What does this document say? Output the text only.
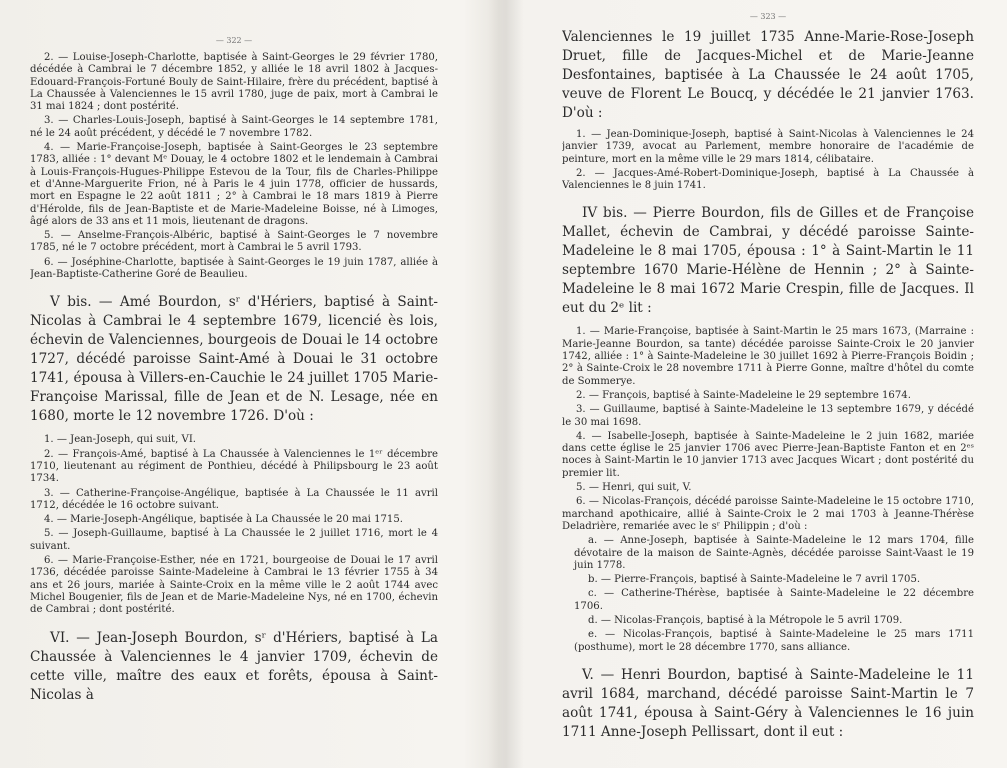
— 322 —

2. — Louise-Joseph-Charlotte, baptisée à Saint-Georges le 29 février 1780, décédée à Cambrai le 7 décembre 1852, y alliée le 18 avril 1802 à Jacques-Edouard-François-Fortuné Bouly de Saint-Hilaire, frère du précédent, baptisé à La Chaussée à Valenciennes le 15 avril 1780, juge de paix, mort à Cambrai le 31 mai 1824 ; dont postérité.

3. — Charles-Louis-Joseph, baptisé à Saint-Georges le 14 septembre 1781, né le 24 août précédent, y décédé le 7 novembre 1782.

4. — Marie-Françoise-Joseph, baptisée à Saint-Georges le 23 septembre 1783, alliée : 1° devant Mᵉ Douay, le 4 octobre 1802 et le lendemain à Cambrai à Louis-François-Hugues-Philippe Estevou de la Tour, fils de Charles-Philippe et d'Anne-Marguerite Frion, né à Paris le 4 juin 1778, officier de hussards, mort en Espagne le 22 août 1811 ; 2° à Cambrai le 18 mars 1819 à Pierre d'Hérolde, fils de Jean-Baptiste et de Marie-Madeleine Boisse, né à Limoges, âgé alors de 33 ans et 11 mois, lieutenant de dragons.

5. — Anselme-François-Albéric, baptisé à Saint-Georges le 7 novembre 1785, né le 7 octobre précédent, mort à Cambrai le 5 avril 1793.

6. — Joséphine-Charlotte, baptisée à Saint-Georges le 19 juin 1787, alliée à Jean-Baptiste-Catherine Goré de Beaulieu.

V bis. — Amé Bourdon, sʳ d'Hériers, baptisé à Saint-Nicolas à Cambrai le 4 septembre 1679, licencié ès lois, échevin de Valenciennes, bourgeois de Douai le 14 octobre 1727, décédé paroisse Saint-Amé à Douai le 31 octobre 1741, épousa à Villers-en-Cauchie le 24 juillet 1705 Marie-Françoise Marissal, fille de Jean et de N. Lesage, née en 1680, morte le 12 novembre 1726. D'où :

1. — Jean-Joseph, qui suit, VI.

2. — François-Amé, baptisé à La Chaussée à Valenciennes le 1ᵉʳ décembre 1710, lieutenant au régiment de Ponthieu, décédé à Philipsbourg le 23 août 1734.

3. — Catherine-Françoise-Angélique, baptisée à La Chaussée le 11 avril 1712, décédée le 16 octobre suivant.

4. — Marie-Joseph-Angélique, baptisée à La Chaussée le 20 mai 1715.

5. — Joseph-Guillaume, baptisé à La Chaussée le 2 juillet 1716, mort le 4 suivant.

6. — Marie-Françoise-Esther, née en 1721, bourgeoise de Douai le 17 avril 1736, décédée paroisse Sainte-Madeleine à Cambrai le 13 février 1755 à 34 ans et 26 jours, mariée à Sainte-Croix en la même ville le 2 août 1744 avec Michel Bougenier, fils de Jean et de Marie-Madeleine Nys, né en 1700, échevin de Cambrai ; dont postérité.

VI. — Jean-Joseph Bourdon, sʳ d'Hériers, baptisé à La Chaussée à Valenciennes le 4 janvier 1709, échevin de cette ville, maître des eaux et forêts, épousa à Saint-Nicolas à

— 323 —

Valenciennes le 19 juillet 1735 Anne-Marie-Rose-Joseph Druet, fille de Jacques-Michel et de Marie-Jeanne Desfontaines, baptisée à La Chaussée le 24 août 1705, veuve de Florent Le Boucq, y décédée le 21 janvier 1763. D'où :

1. — Jean-Dominique-Joseph, baptisé à Saint-Nicolas à Valenciennes le 24 janvier 1739, avocat au Parlement, membre honoraire de l'académie de peinture, mort en la même ville le 29 mars 1814, célibataire.

2. — Jacques-Amé-Robert-Dominique-Joseph, baptisé à La Chaussée à Valenciennes le 8 juin 1741.

IV bis. — Pierre Bourdon, fils de Gilles et de Françoise Mallet, échevin de Cambrai, y décédé paroisse Sainte-Madeleine le 8 mai 1705, épousa : 1° à Saint-Martin le 11 septembre 1670 Marie-Hélène de Hennin ; 2° à Sainte-Madeleine le 8 mai 1672 Marie Crespin, fille de Jacques. Il eut du 2ᵉ lit :

1. — Marie-Françoise, baptisée à Saint-Martin le 25 mars 1673, (Marraine : Marie-Jeanne Bourdon, sa tante) décédée paroisse Sainte-Croix le 20 janvier 1742, alliée : 1° à Sainte-Madeleine le 30 juillet 1692 à Pierre-François Boidin ; 2° à Sainte-Croix le 28 novembre 1711 à Pierre Gonne, maître d'hôtel du comte de Sommerye.

2. — François, baptisé à Sainte-Madeleine le 29 septembre 1674.

3. — Guillaume, baptisé à Sainte-Madeleine le 13 septembre 1679, y décédé le 30 mai 1698.

4. — Isabelle-Joseph, baptisée à Sainte-Madeleine le 2 juin 1682, mariée dans cette église le 25 janvier 1706 avec Pierre-Jean-Baptiste Fanton et en 2ᵉˢ noces à Saint-Martin le 10 janvier 1713 avec Jacques Wicart ; dont postérité du premier lit.

5. — Henri, qui suit, V.

6. — Nicolas-François, décédé paroisse Sainte-Madeleine le 15 octobre 1710, marchand apothicaire, allié à Sainte-Croix le 2 mai 1703 à Jeanne-Thérèse Deladrière, remariée avec le sʳ Philippin ; d'où :

a. — Anne-Joseph, baptisée à Sainte-Madeleine le 12 mars 1704, fille dévotaire de la maison de Sainte-Agnès, décédée paroisse Saint-Vaast le 19 juin 1778.

b. — Pierre-François, baptisé à Sainte-Madeleine le 7 avril 1705.

c. — Catherine-Thérèse, baptisée à Sainte-Madeleine le 22 décembre 1706.

d. — Nicolas-François, baptisé à la Métropole le 5 avril 1709.

e. — Nicolas-François, baptisé à Sainte-Madeleine le 25 mars 1711 (posthume), mort le 28 décembre 1770, sans alliance.

V. — Henri Bourdon, baptisé à Sainte-Madeleine le 11 avril 1684, marchand, décédé paroisse Saint-Martin le 7 août 1741, épousa à Saint-Géry à Valenciennes le 16 juin 1711 Anne-Joseph Pellissart, dont il eut :
